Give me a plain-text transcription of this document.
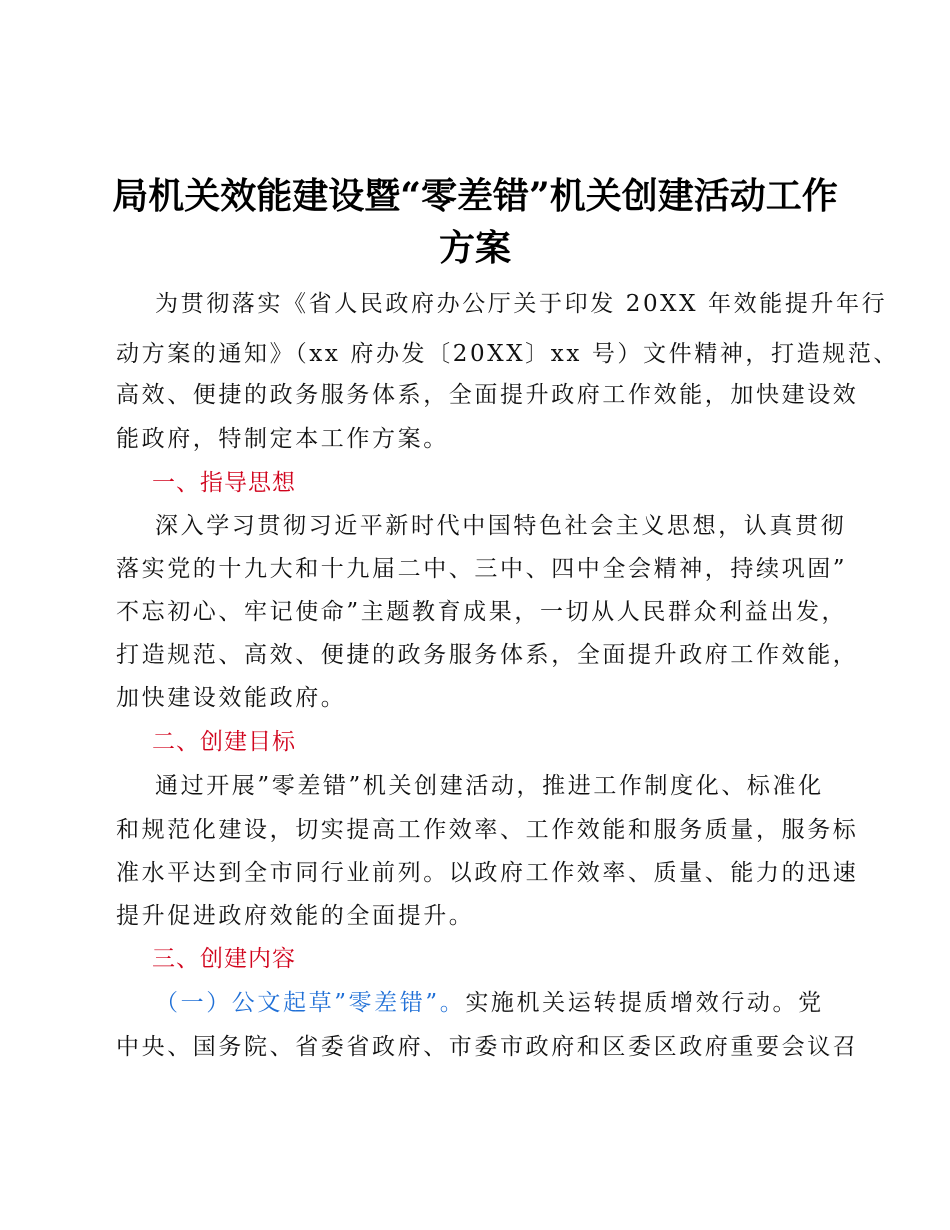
局机关效能建设暨“零差错”机关创建活动工作
方案
为贯彻落实《省人民政府办公厅关于印发 20XX 年效能提升年行
动方案的通知》（xx 府办发〔20XX〕xx 号）文件精神，打造规范、
高效、便捷的政务服务体系，全面提升政府工作效能，加快建设效
能政府，特制定本工作方案。
一、指导思想
深入学习贯彻习近平新时代中国特色社会主义思想，认真贯彻
落实党的十九大和十九届二中、三中、四中全会精神，持续巩固”
不忘初心、牢记使命”主题教育成果，一切从人民群众利益出发，
打造规范、高效、便捷的政务服务体系，全面提升政府工作效能，
加快建设效能政府。
二、创建目标
通过开展”零差错”机关创建活动，推进工作制度化、标准化
和规范化建设，切实提高工作效率、工作效能和服务质量，服务标
准水平达到全市同行业前列。以政府工作效率、质量、能力的迅速
提升促进政府效能的全面提升。
三、创建内容
（一）公文起草”零差错”。实施机关运转提质增效行动。党
中央、国务院、省委省政府、市委市政府和区委区政府重要会议召
